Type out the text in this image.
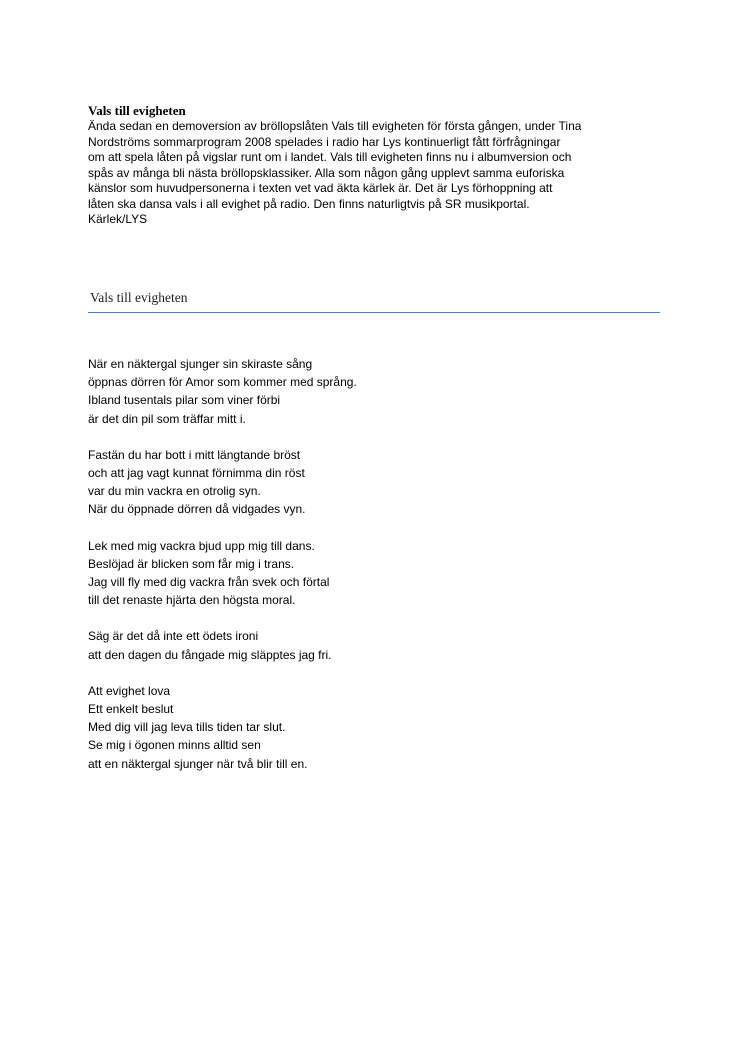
Vals till evigheten

Ända sedan en demoversion av bröllopslåten Vals till evigheten för första gången, under Tina

Nordströms sommarprogram 2008 spelades i radio har Lys kontinuerligt fått förfrågningar

om att spela låten på vigslar runt om i landet. Vals till evigheten finns nu i albumversion och

spås av många bli nästa bröllopsklassiker. Alla som någon gång upplevt samma euforiska

känslor som huvudpersonerna i texten vet vad äkta kärlek är. Det är Lys förhoppning att

låten ska dansa vals i all evighet på radio. Den finns naturligtvis på SR musikportal.

Kärlek/LYS

Vals till evigheten

När en näktergal sjunger sin skiraste sång

öppnas dörren för Amor som kommer med språng.

Ibland tusentals pilar som viner förbi

är det din pil som träffar mitt i.

Fastän du har bott i mitt längtande bröst

och att jag vagt kunnat förnimma din röst

var du min vackra en otrolig syn.

När du öppnade dörren då vidgades vyn.

Lek med mig vackra bjud upp mig till dans.

Beslöjad är blicken som får mig i trans.

Jag vill fly med dig vackra från svek och förtal

till det renaste hjärta den högsta moral.

Säg är det då inte ett ödets ironi

att den dagen du fångade mig släpptes jag fri.

Att evighet lova

Ett enkelt beslut

Med dig vill jag leva tills tiden tar slut.

Se mig i ögonen minns alltid sen

att en näktergal sjunger när två blir till en.
